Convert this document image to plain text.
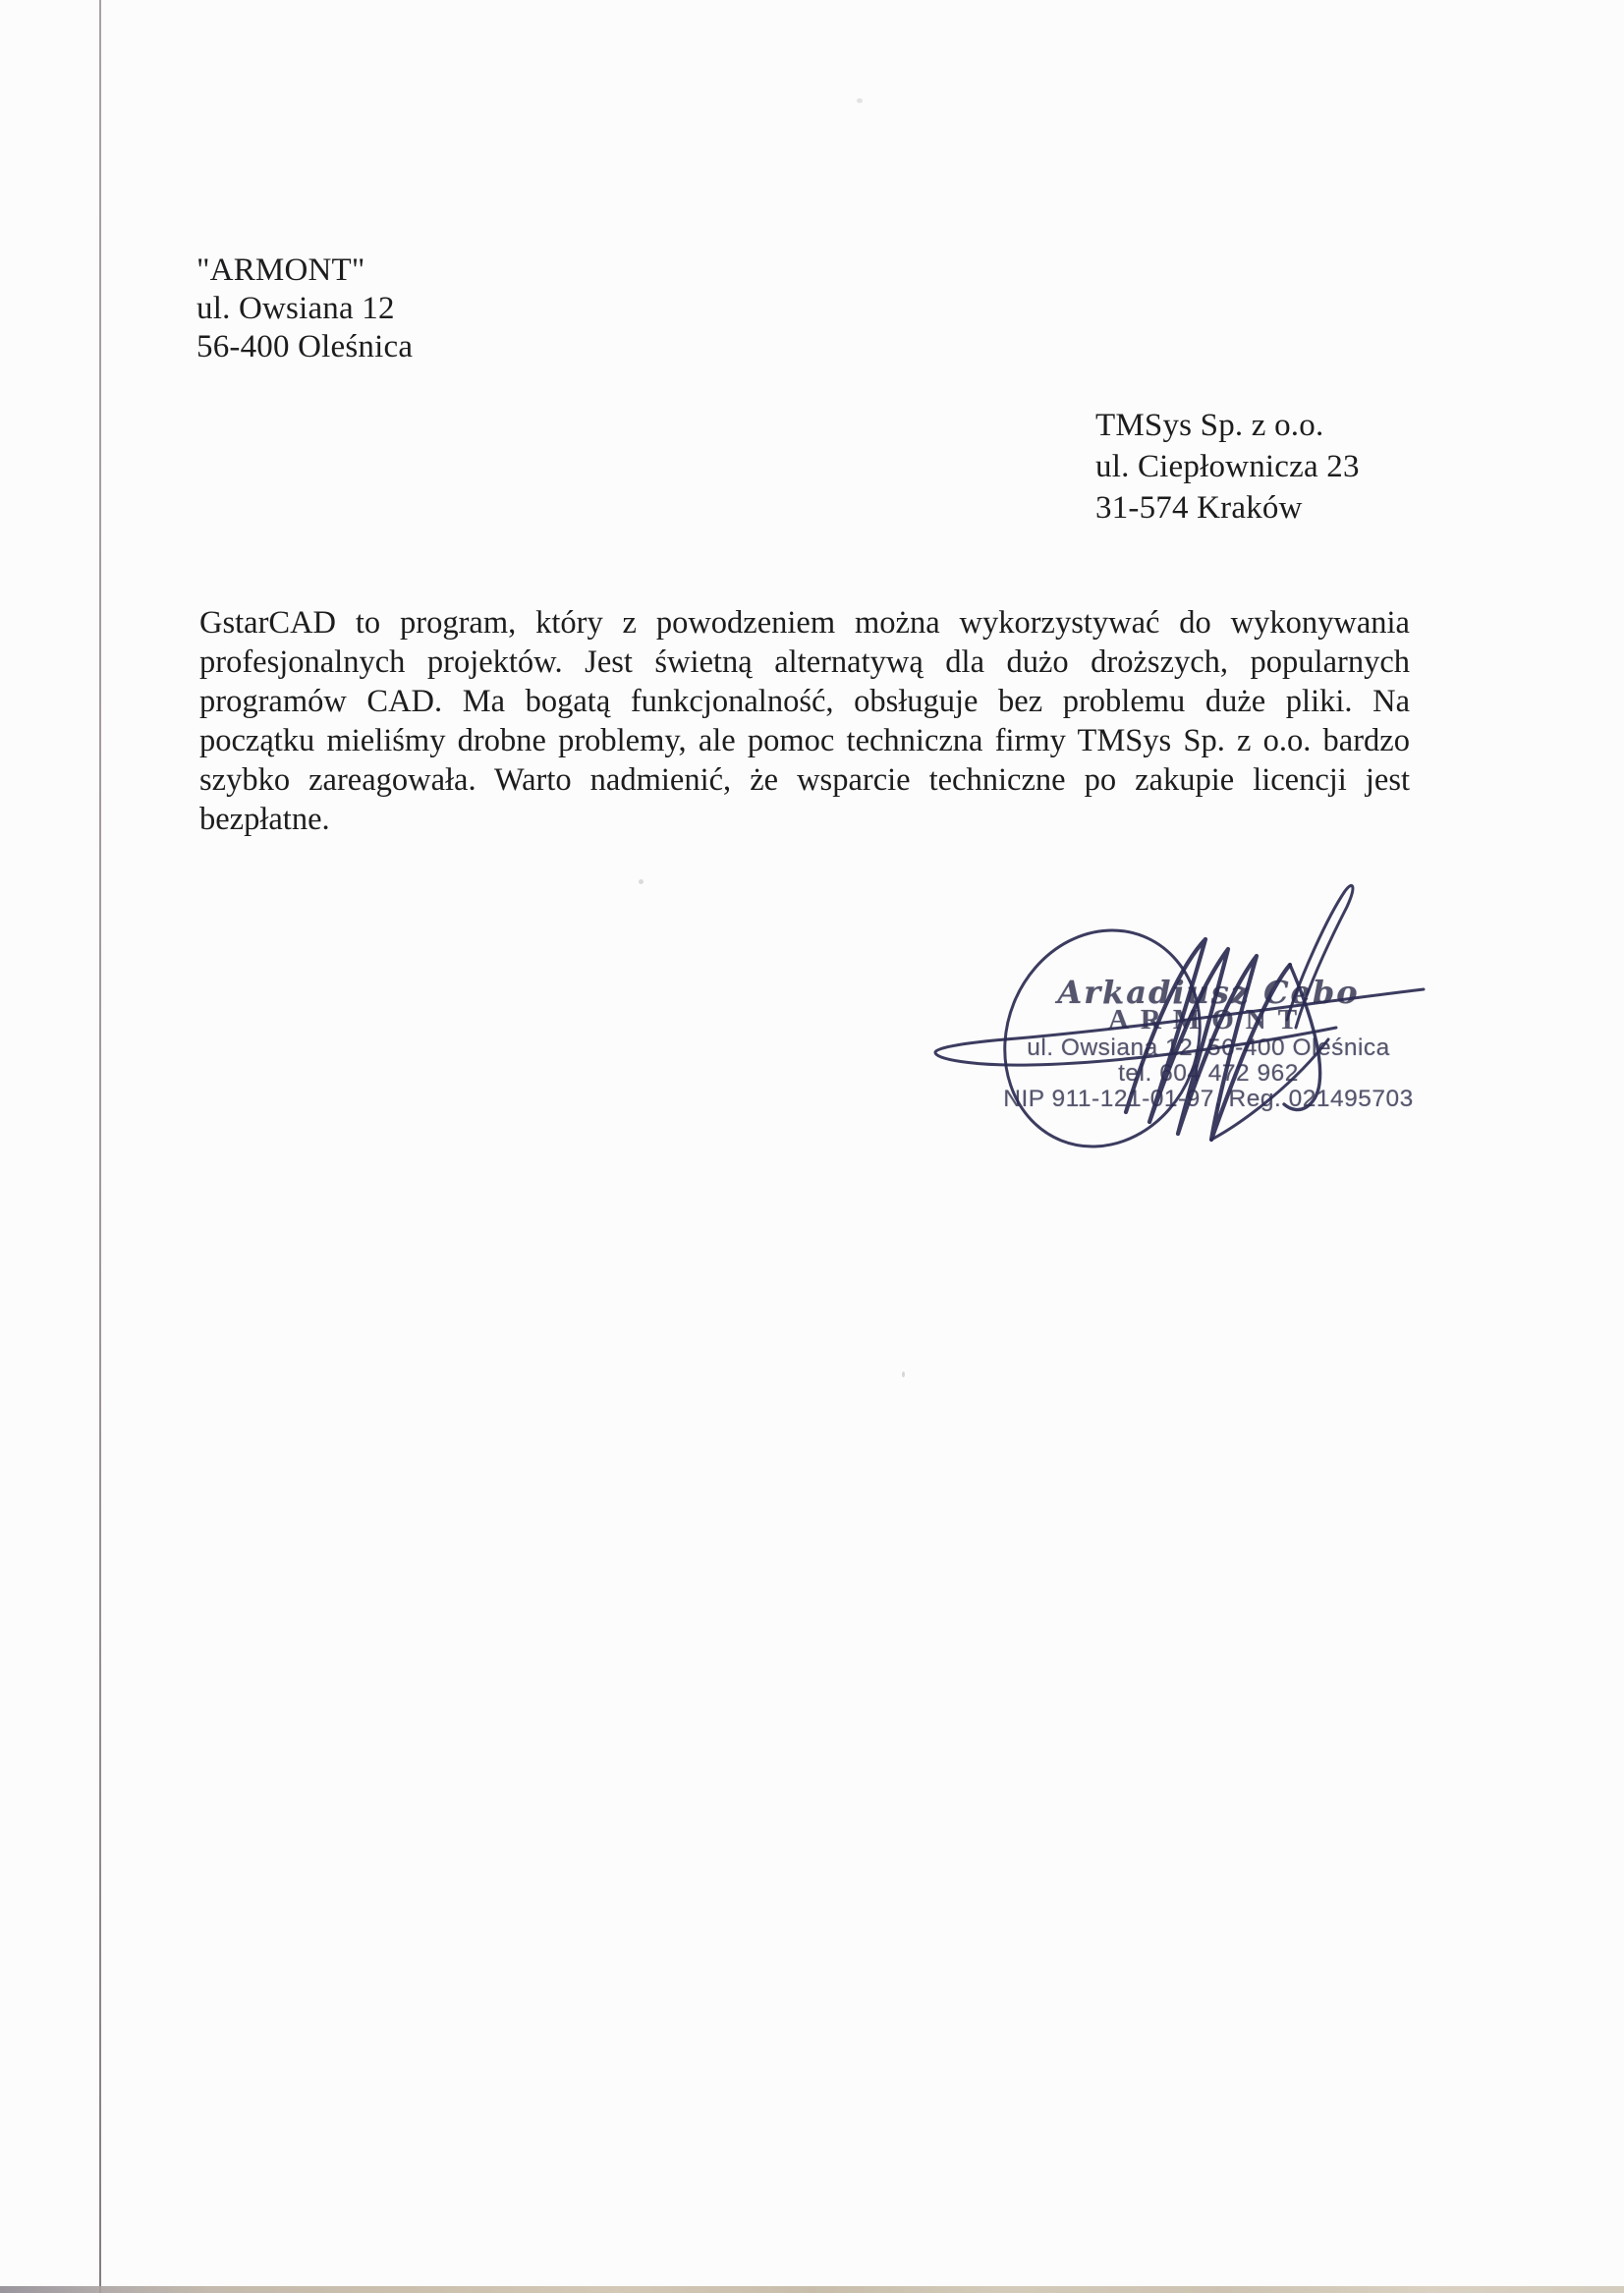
"ARMONT"
ul. Owsiana 12
56-400 Oleśnica
TMSys Sp. z o.o.
ul. Ciepłownicza 23
31-574 Kraków
GstarCAD to program, który z powodzeniem można wykorzystywać do wykonywania
profesjonalnych projektów. Jest świetną alternatywą dla dużo droższych, popularnych
programów CAD. Ma bogatą funkcjonalność, obsługuje bez problemu duże pliki. Na
początku mieliśmy drobne problemy, ale pomoc techniczna firmy TMSys Sp. z o.o. bardzo
szybko zareagowała. Warto nadmienić, że wsparcie techniczne po zakupie licencji jest
bezpłatne.
Arkadiusz Cebo
ARMONT
ul. Owsiana 12, 56-400 Oleśnica
tel. 604 472 962
NIP 911-121-01-97, Reg. 021495703
